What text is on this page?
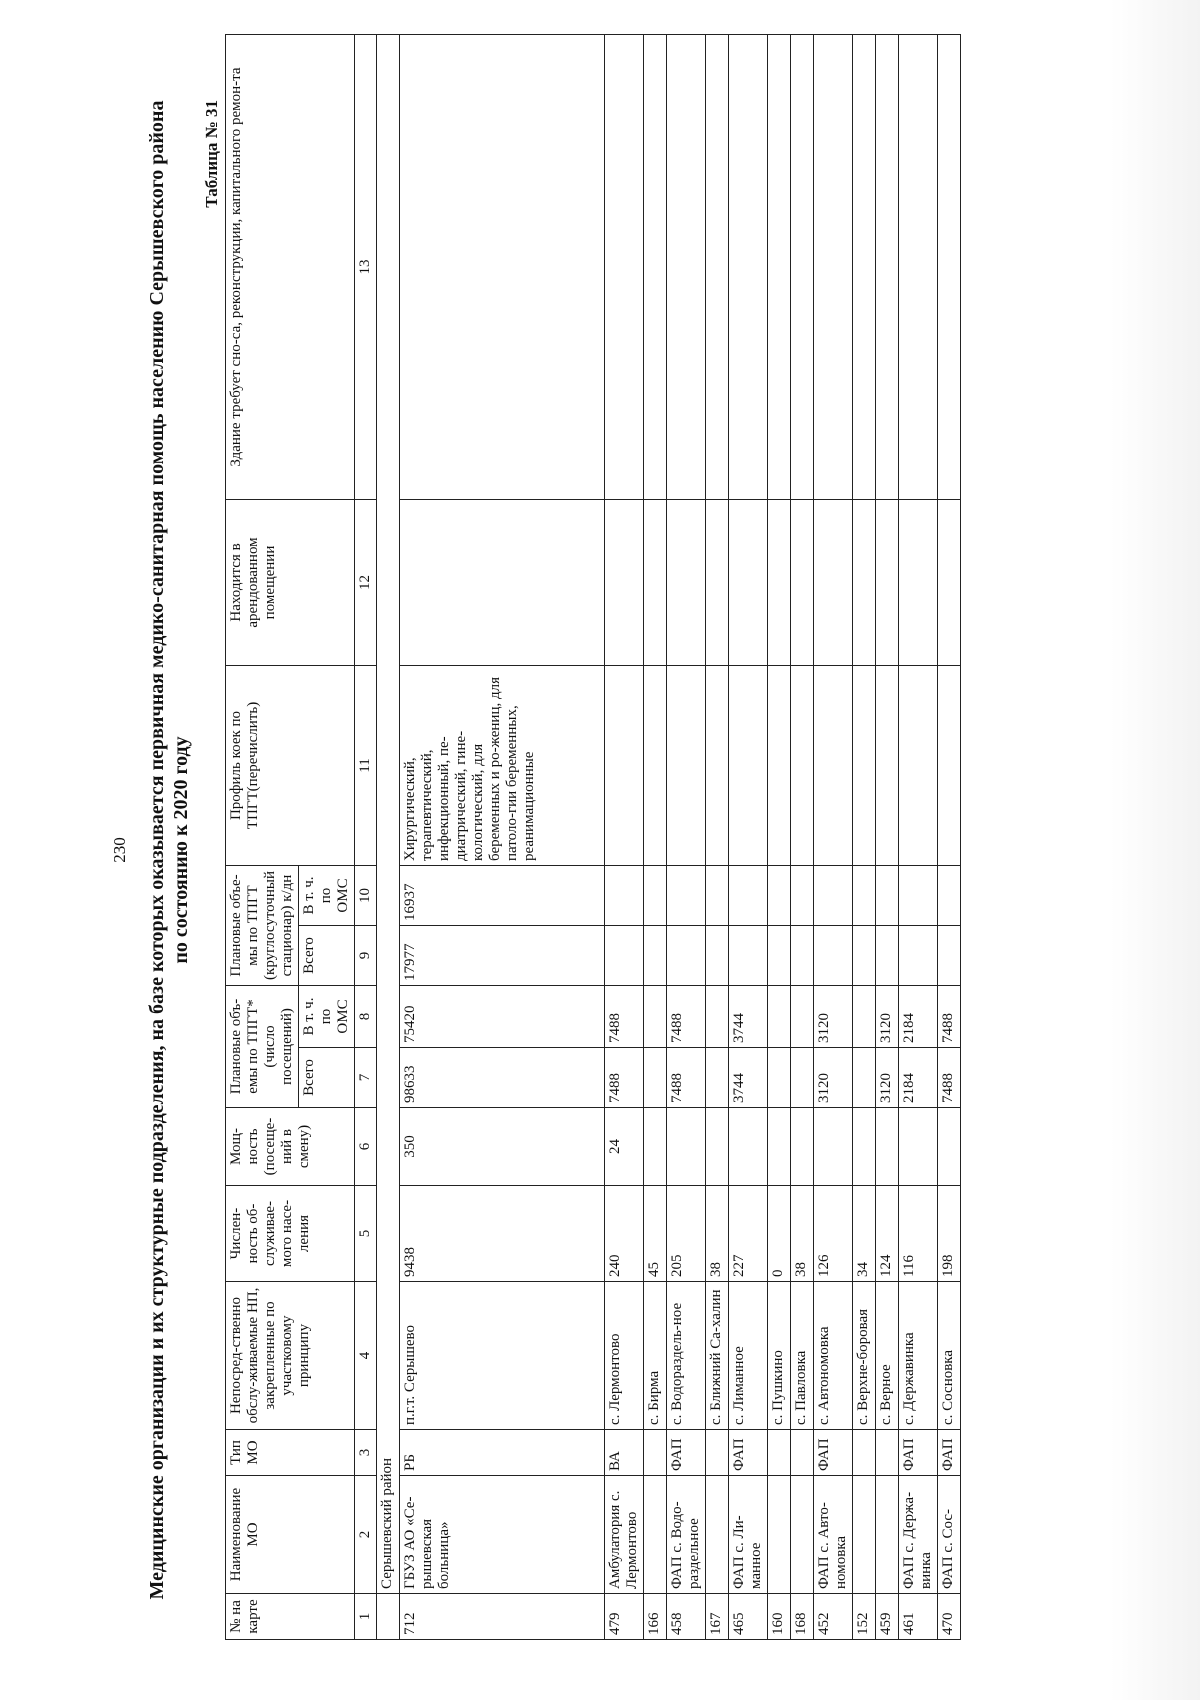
230 Медицинские организации и их структурные подразделения, на базе которых оказывается первичная медико-санитарная помощь населению Серышевского района по состоянию к 2020 году
Таблица № 31
№ на карте	Наименование МО	Тип МО	Непосред-ственно обслу-живаемые НП, закрепленные по участковому принципу	Числен-ность об-служивае-мого насе-ления	Мощ-ность (посеще-ний в смену)	Плановые объ-емы по ТПГТ*(число посещений)		Плановые объе-мы по ТПГТ (круглосуточный стационар) к/дн		Профиль коек по ТПГТ(перечислить)	Находится в арендованном помещении	Здание требует сно-са, реконструкции, капитального ремон-та
						Всего	В т. ч. по ОМС	Всего	В т. ч. по ОМС			
1	2	3	4	5	6	7	8	9	10	11	12	13
	Серышевский район											
712	ГБУЗ АО «Се-рышевская больница»	РБ	п.г.т. Серышево	9438	350	98633	75420	17977	16937	Хирургический, терапевтический, инфекционный, пе-диатрический, гине-кологический, для беременных и ро-жениц, для патоло-гии беременных, реанимационные		
479	Амбулатория с. Лермонтово	ВА	с. Лермонтово	240	24	7488	7488					
166			с. Бирма	45								
458	ФАП с. Водо-раздельное	ФАП	с. Водораздель-ное	205		7488	7488					
167			с. Ближний Са-халин	38								
465	ФАП с. Ли-манное	ФАП	с. Лиманное	227		3744	3744					
160			с. Пушкино	0								
168			с. Павловка	38								
452	ФАП с. Авто-номовка	ФАП	с. Автономовка	126		3120	3120					
152			с. Верхне-боровая	34								
459			с. Верное	124		3120	3120					
461	ФАП с. Держа-винка	ФАП	с. Державинка	116		2184	2184					
470	ФАП с. Сос-	ФАП	с. Сосновка	198		7488	7488					
